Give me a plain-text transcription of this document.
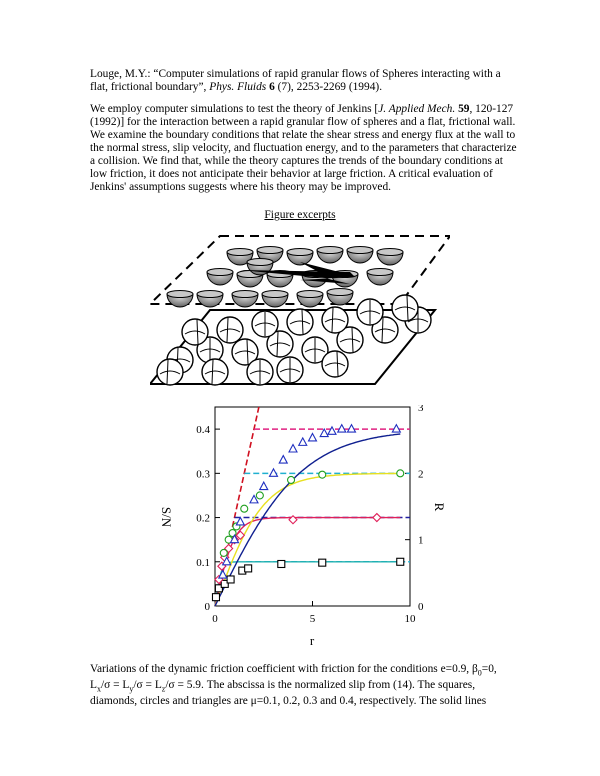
Louge, M.Y.: “Computer simulations of rapid granular flows of Spheres interacting with a flat, frictional boundary”, Phys. Fluids 6 (7), 2253-2269 (1994).
We employ computer simulations to test the theory of Jenkins [J. Applied Mech. 59, 120-127 (1992)] for the interaction between a rapid granular flow of spheres and a flat, frictional wall. We examine the boundary conditions that relate the shear stress and energy flux at the wall to the normal stress, slip velocity, and fluctuation energy, and to the parameters that characterize a collision. We find that, while the theory captures the trends of the boundary conditions at low friction, it does not anticipate their behavior at large friction. A critical evaluation of Jenkins' assumptions suggests where his theory may be improved.
Figure excerpts
0
0.1
0.2
0.3
0.4
0
1
2
3
0	5	10
r
S/N	R
Variations of the dynamic friction coefficient with friction for the conditions e=0.9, $\beta_0=0$,
$L_x/\sigma = L_y/\sigma = L_z/\sigma = 5.9$. The abscissa is the normalized slip from (14). The squares, diamonds, circles and triangles are μ=0.1, 0.2, 0.3 and 0.4, respectively. The solid lines
